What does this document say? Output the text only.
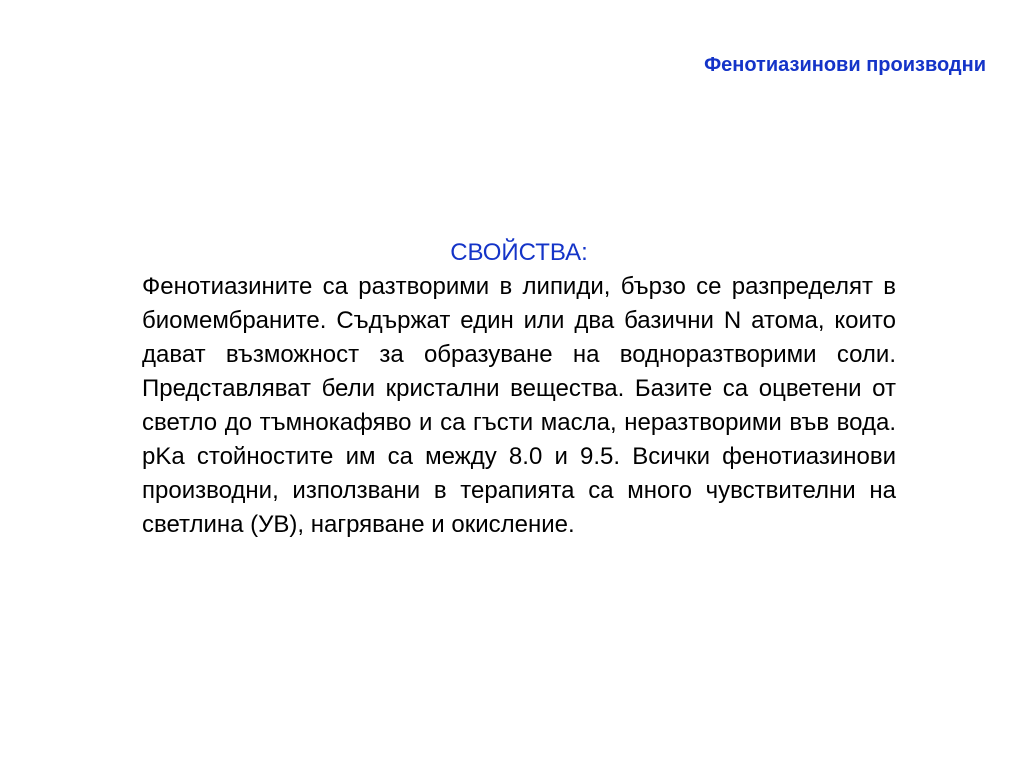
Фенотиазинови производни

СВОЙСТВА:

Фенотиазините са разтворими в липиди, бързо се разпределят в биомембраните. Съдържат един или два базични N атома, които дават възможност за образуване на водноразтворими соли. Представляват бели кристални вещества. Базите са оцветени от светло до тъмнокафяво и са гъсти масла, неразтворими във вода. pKa стойностите им са между 8.0 и 9.5. Всички фенотиазинови производни, използвани в терапията са много чувствителни на светлина (УВ), нагряване и окисление.
